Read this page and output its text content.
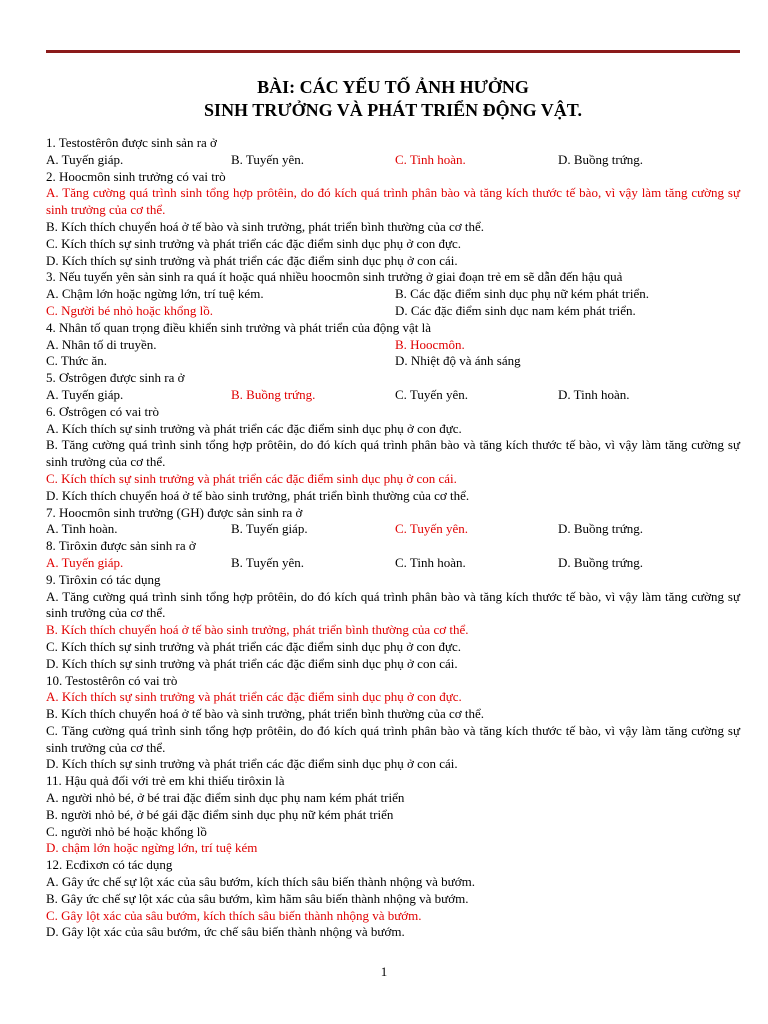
BÀI: CÁC YẾU TỐ ẢNH HƯỞNG
SINH TRƯỞNG VÀ PHÁT TRIỂN ĐỘNG VẬT.
1. Testostêrôn được sinh sản ra ở
A. Tuyến giáp.	B. Tuyến yên.	C. Tinh hoàn.	D. Buồng trứng.
2. Hoocmôn sinh trưởng có vai trò
A. Tăng cường quá trình sinh tổng hợp prôtêin, do đó kích quá trình phân bào và tăng kích thước tế bào, vì vậy làm tăng cường sự sinh trưởng của cơ thể.
B. Kích thích chuyển hoá ở tế bào và sinh trưởng, phát triển bình thường của cơ thể.
C. Kích thích sự sinh trưởng và phát triển các đặc điểm sinh dục phụ ở con đực.
D. Kích thích sự sinh trưởng và phát triển các đặc điểm sinh dục phụ ở con cái.
3. Nếu tuyến yên sản sinh ra quá ít hoặc quá nhiều hoocmôn sinh trưởng ở giai đoạn trẻ em sẽ dẫn đến hậu quả
A. Chậm lớn hoặc ngừng lớn, trí tuệ kém.	B. Các đặc điểm sinh dục phụ nữ kém phát triển.
C. Người bé nhỏ hoặc khổng lồ.	D. Các đặc điểm sinh dục nam kém phát triển.
4. Nhân tố quan trọng điều khiển sinh trưởng và phát triển của động vật là
A. Nhân tố di truyền.	B. Hoocmôn.
C. Thức ăn.	D. Nhiệt độ và ánh sáng
5. Ơstrôgen được sinh ra ở
A. Tuyến giáp.	B. Buồng trứng.	C. Tuyến yên.	D. Tinh hoàn.
6. Ơstrôgen có vai trò
A. Kích thích sự sinh trưởng và phát triển các đặc điểm sinh dục phụ ở con đực.
B. Tăng cường quá trình sinh tổng hợp prôtêin, do đó kích quá trình phân bào và tăng kích thước tế bào, vì vậy làm tăng cường sự sinh trưởng của cơ thể.
C. Kích thích sự sinh trưởng và phát triển các đặc điểm sinh dục phụ ở con cái.
D. Kích thích chuyển hoá ở tế bào sinh trưởng, phát triển bình thường của cơ thể.
7. Hoocmôn sinh trưởng (GH) được sản sinh ra ở
A. Tinh hoàn.	B. Tuyến giáp.	C. Tuyến yên.	D. Buồng trứng.
8. Tirôxin được sản sinh ra ở
A. Tuyến giáp.	B. Tuyến yên.	C. Tinh hoàn.	D. Buồng trứng.
9. Tirôxin có tác dụng
A. Tăng cường quá trình sinh tổng hợp prôtêin, do đó kích quá trình phân bào và tăng kích thước tế bào, vì vậy làm tăng cường sự sinh trưởng của cơ thể.
B. Kích thích chuyển hoá ở tế bào sinh trưởng, phát triển bình thường của cơ thể.
C. Kích thích sự sinh trưởng và phát triển các đặc điểm sinh dục phụ ở con đực.
D. Kích thích sự sinh trưởng và phát triển các đặc điểm sinh dục phụ ở con cái.
10. Testostêrôn có vai trò
A. Kích thích sự sinh trưởng và phát triển các đặc điểm sinh dục phụ ở con đực.
B. Kích thích chuyển hoá ở tế bào và sinh trưởng, phát triển bình thường của cơ thể.
C. Tăng cường quá trình sinh tổng hợp prôtêin, do đó kích quá trình phân bào và tăng kích thước tế bào, vì vậy làm tăng cường sự sinh trưởng của cơ thể.
D. Kích thích sự sinh trưởng và phát triển các đặc điểm sinh dục phụ ở con cái.
11. Hậu quả đối với trẻ em khi thiếu tirôxin là
A. người nhỏ bé, ở bé trai đặc điểm sinh dục phụ nam kém phát triển
B. người nhỏ bé, ở bé gái đặc điểm sinh dục phụ nữ kém phát triển
C. người nhỏ bé hoặc khổng lồ
D. chậm lớn hoặc ngừng lớn, trí tuệ kém
12. Ecđixơn có tác dụng
A. Gây ức chế sự lột xác của sâu bướm, kích thích sâu biến thành nhộng và bướm.
B. Gây ức chế sự lột xác của sâu bướm, kìm hãm sâu biến thành nhộng và bướm.
C. Gây lột xác của sâu bướm, kích thích sâu biến thành nhộng và bướm.
D. Gây lột xác của sâu bướm, ức chế sâu biến thành nhộng và bướm.
1
